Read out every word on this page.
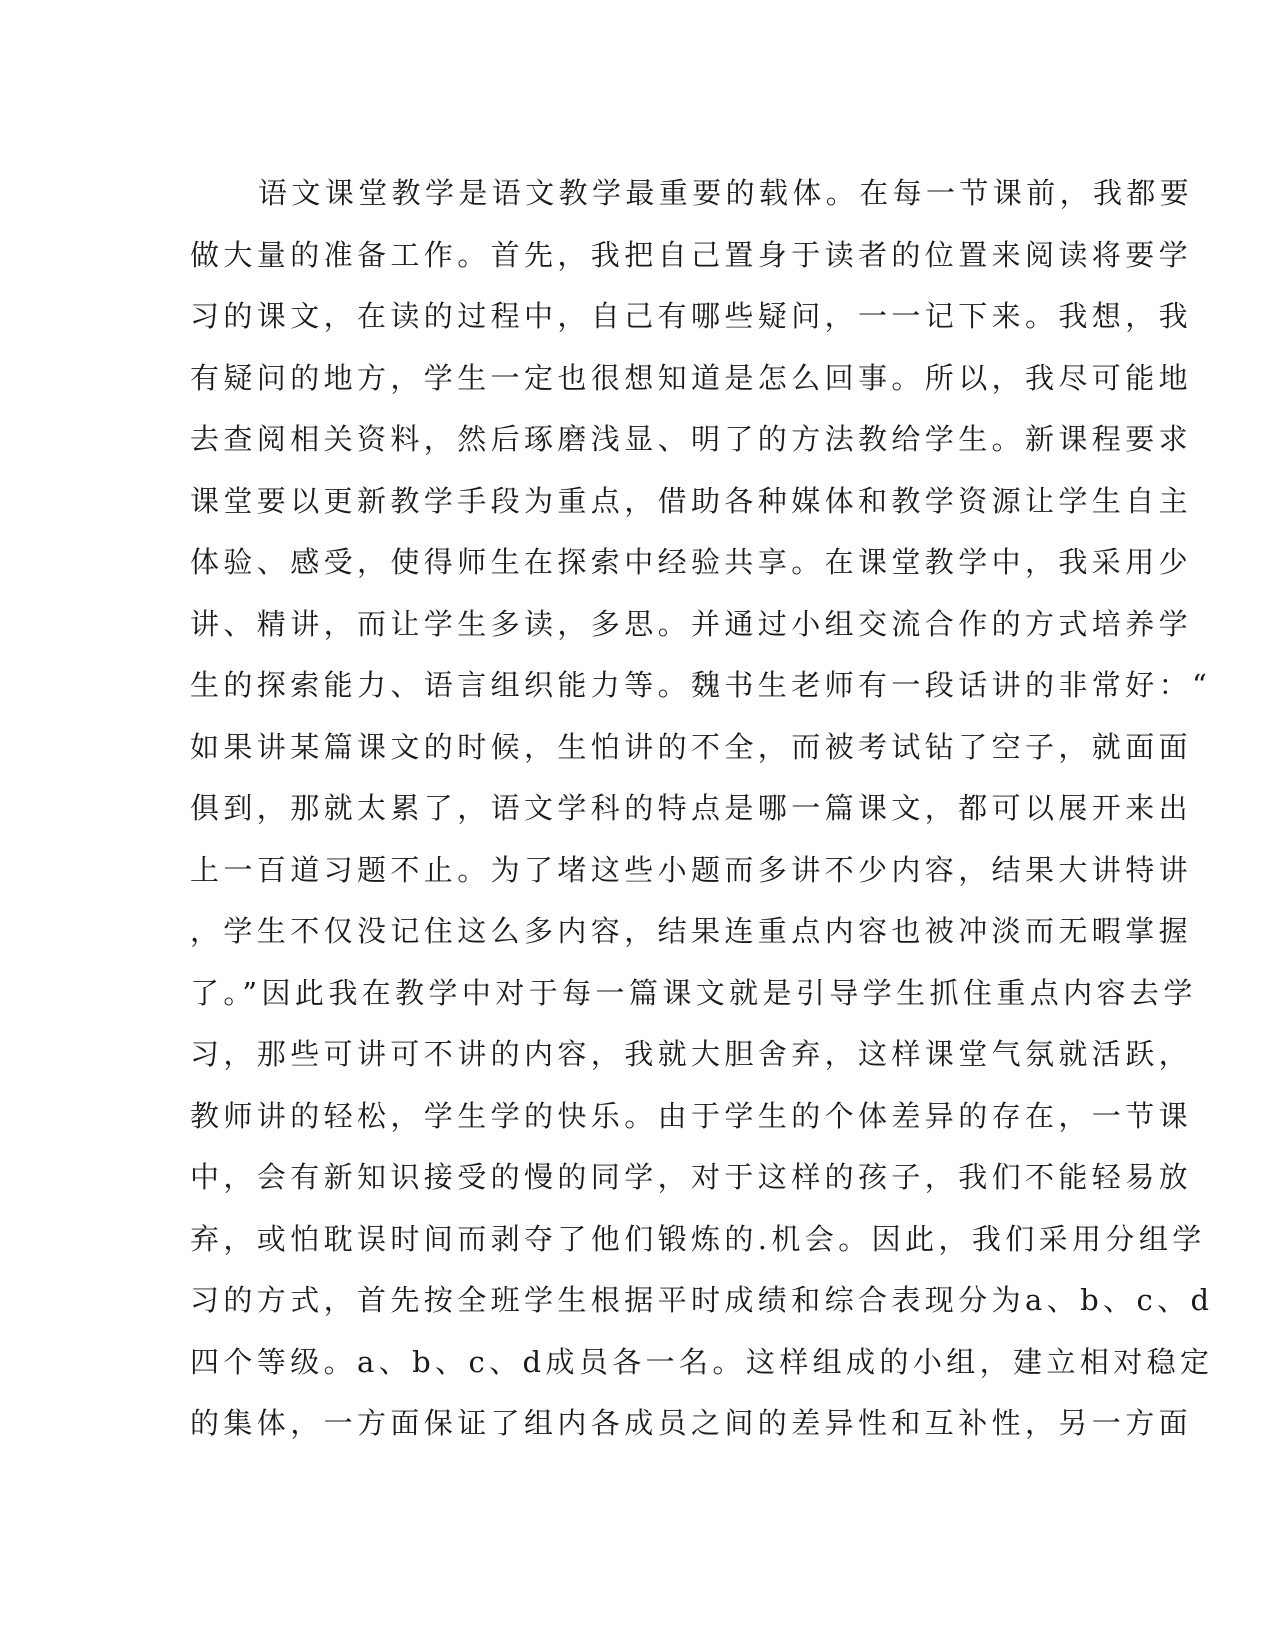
语文课堂教学是语文教学最重要的载体。在每一节课前，我都要
做大量的准备工作。首先，我把自己置身于读者的位置来阅读将要学
习的课文，在读的过程中，自己有哪些疑问，一一记下来。我想，我
有疑问的地方，学生一定也很想知道是怎么回事。所以，我尽可能地
去查阅相关资料，然后琢磨浅显、明了的方法教给学生。新课程要求
课堂要以更新教学手段为重点，借助各种媒体和教学资源让学生自主
体验、感受，使得师生在探索中经验共享。在课堂教学中，我采用少
讲、精讲，而让学生多读，多思。并通过小组交流合作的方式培养学
生的探索能力、语言组织能力等。魏书生老师有一段话讲的非常好：“
如果讲某篇课文的时候，生怕讲的不全，而被考试钻了空子，就面面
俱到，那就太累了，语文学科的特点是哪一篇课文，都可以展开来出
上一百道习题不止。为了堵这些小题而多讲不少内容，结果大讲特讲
，学生不仅没记住这么多内容，结果连重点内容也被冲淡而无暇掌握
了。”因此我在教学中对于每一篇课文就是引导学生抓住重点内容去学
习，那些可讲可不讲的内容，我就大胆舍弃，这样课堂气氛就活跃，
教师讲的轻松，学生学的快乐。由于学生的个体差异的存在，一节课
中，会有新知识接受的慢的同学，对于这样的孩子，我们不能轻易放
弃，或怕耽误时间而剥夺了他们锻炼的.机会。因此，我们采用分组学
习的方式，首先按全班学生根据平时成绩和综合表现分为a、b、c、d
四个等级。a、b、c、d成员各一名。这样组成的小组，建立相对稳定
的集体，一方面保证了组内各成员之间的差异性和互补性，另一方面
